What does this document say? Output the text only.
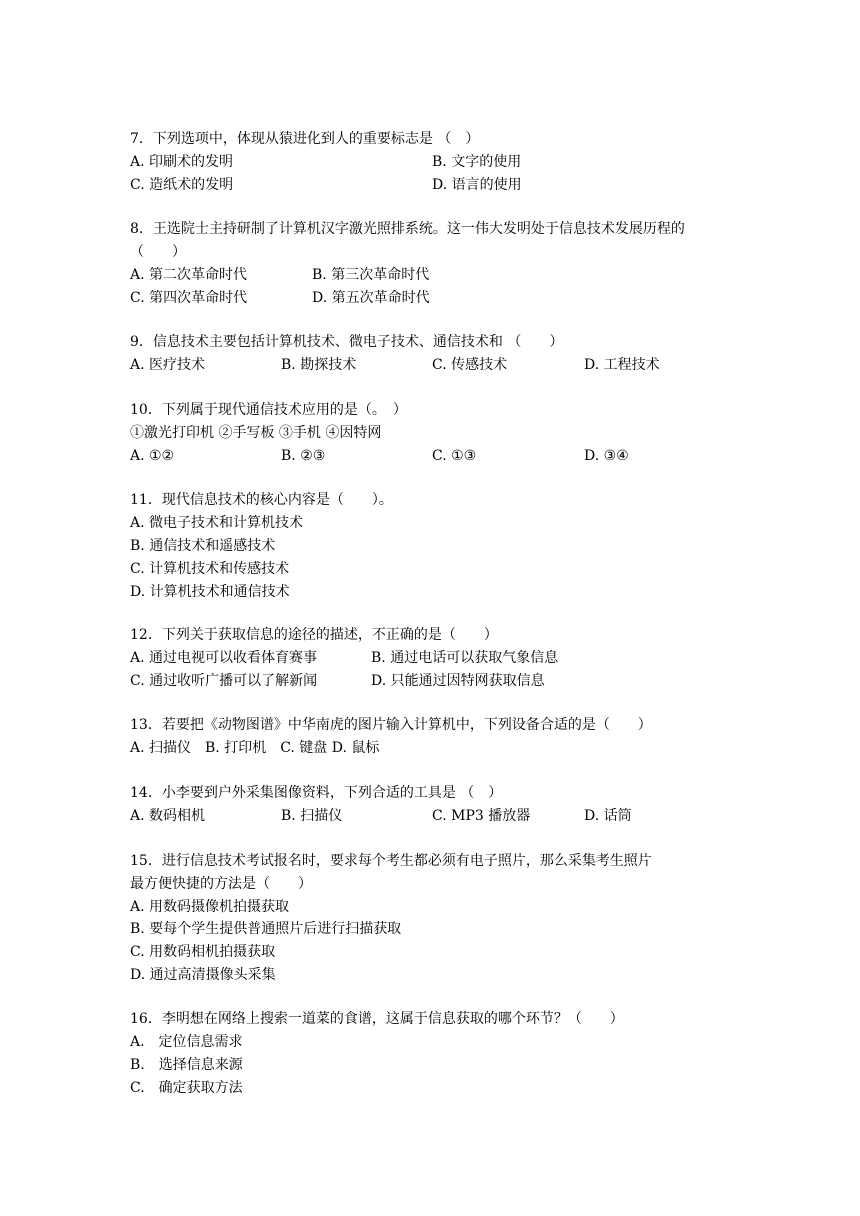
7．下列选项中，体现从猿进化到人的重要标志是 （　）
A. 印刷术的发明	B. 文字的使用
C. 造纸术的发明	D. 语言的使用
8．王选院士主持研制了计算机汉字激光照排系统。这一伟大发明处于信息技术发展历程的
（　　）
A. 第二次革命时代	B. 第三次革命时代
C. 第四次革命时代	D. 第五次革命时代
9．信息技术主要包括计算机技术、微电子技术、通信技术和 （　　）
A. 医疗技术	B. 勘探技术	C. 传感技术	D. 工程技术
10．下列属于现代通信技术应用的是（。　）
①激光打印机 ②手写板 ③手机 ④因特网
A. ①②	B. ②③	C. ①③	D. ③④
11．现代信息技术的核心内容是（　　）。
A. 微电子技术和计算机技术
B. 通信技术和遥感技术
C. 计算机技术和传感技术
D. 计算机技术和通信技术
12．下列关于获取信息的途径的描述，不正确的是（　　）
A. 通过电视可以收看体育赛事	B. 通过电话可以获取气象信息
C. 通过收听广播可以了解新闻	D. 只能通过因特网获取信息
13．若要把《动物图谱》中华南虎的图片输入计算机中，下列设备合适的是（　　）
A. 扫描仪　B. 打印机　C. 键盘 D. 鼠标
14．小李要到户外采集图像资料，下列合适的工具是 （　）
A. 数码相机	B. 扫描仪	C. MP3 播放器	D. 话筒
15．进行信息技术考试报名时，要求每个考生都必须有电子照片，那么采集考生照片
最方便快捷的方法是（　　）
A. 用数码摄像机拍摄获取
B. 要每个学生提供普通照片后进行扫描获取
C. 用数码相机拍摄获取
D. 通过高清摄像头采集
16．李明想在网络上搜索一道菜的食谱，这属于信息获取的哪个环节？（　　）
A.　定位信息需求
B.　选择信息来源
C.　确定获取方法
